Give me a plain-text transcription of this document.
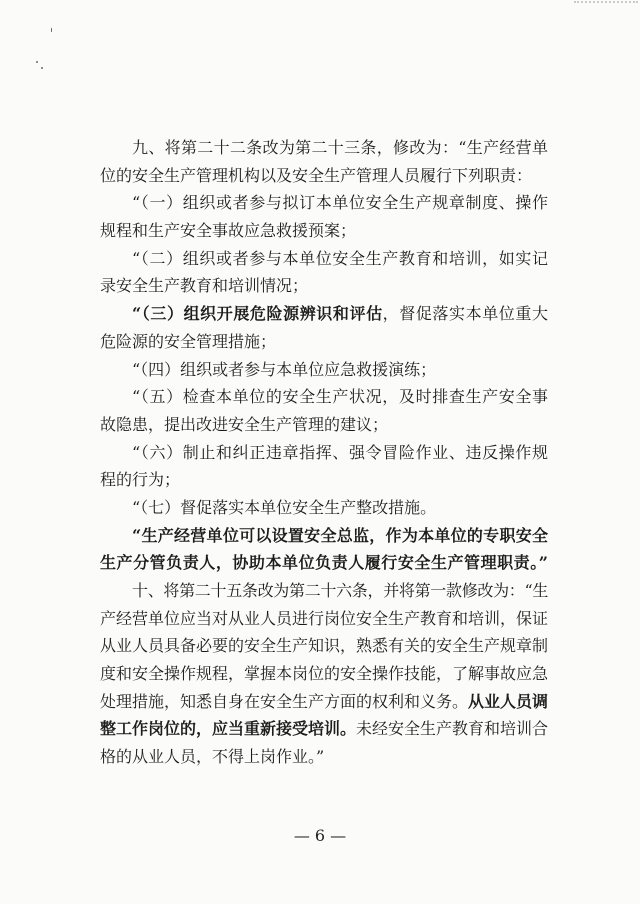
九、将第二十二条改为第二十三条，修改为：“生产经营单
位的安全生产管理机构以及安全生产管理人员履行下列职责：
“（一）组织或者参与拟订本单位安全生产规章制度、操作
规程和生产安全事故应急救援预案；
“（二）组织或者参与本单位安全生产教育和培训，如实记
录安全生产教育和培训情况；
“（三）组织开展危险源辨识和评估，督促落实本单位重大
危险源的安全管理措施；
“（四）组织或者参与本单位应急救援演练；
“（五）检查本单位的安全生产状况，及时排查生产安全事
故隐患，提出改进安全生产管理的建议；
“（六）制止和纠正违章指挥、强令冒险作业、违反操作规
程的行为；
“（七）督促落实本单位安全生产整改措施。
“生产经营单位可以设置安全总监，作为本单位的专职安全
生产分管负责人，协助本单位负责人履行安全生产管理职责。”
十、将第二十五条改为第二十六条，并将第一款修改为：“生
产经营单位应当对从业人员进行岗位安全生产教育和培训，保证
从业人员具备必要的安全生产知识，熟悉有关的安全生产规章制
度和安全操作规程，掌握本岗位的安全操作技能，了解事故应急
处理措施，知悉自身在安全生产方面的权利和义务。从业人员调
整工作岗位的，应当重新接受培训。未经安全生产教育和培训合
格的从业人员，不得上岗作业。”
— 6 —
